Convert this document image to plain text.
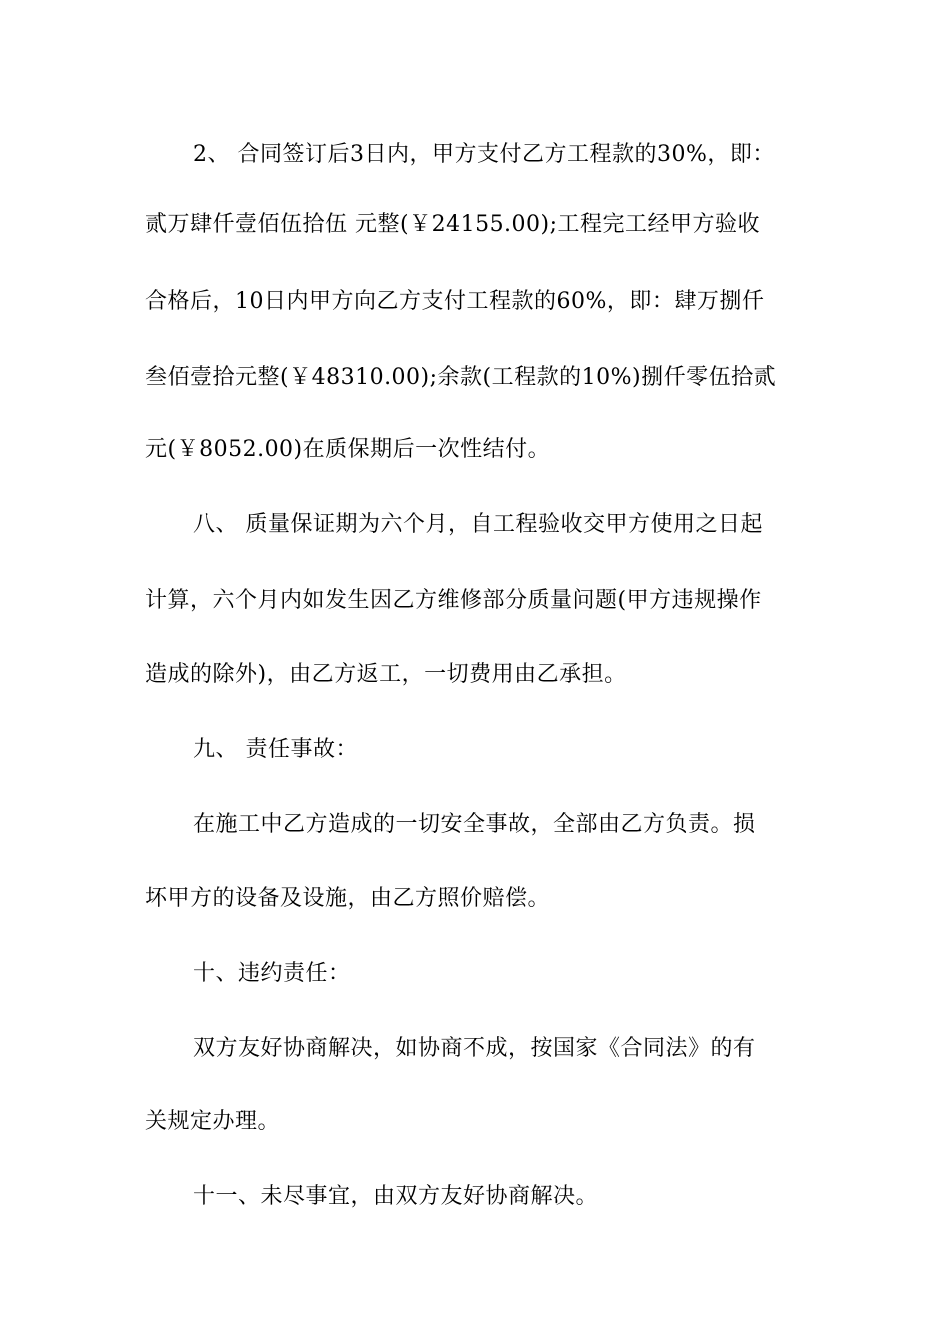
2、 合同签订后3日内，甲方支付乙方工程款的30%，即：
贰万肆仟壹佰伍拾伍 元整(￥24155.00);工程完工经甲方验收
合格后，10日内甲方向乙方支付工程款的60%，即：肆万捌仟
叁佰壹拾元整(￥48310.00);余款(工程款的10%)捌仟零伍拾贰
元(￥8052.00)在质保期后一次性结付。
八、 质量保证期为六个月，自工程验收交甲方使用之日起
计算，六个月内如发生因乙方维修部分质量问题(甲方违规操作
造成的除外)，由乙方返工，一切费用由乙承担。
九、 责任事故：
在施工中乙方造成的一切安全事故，全部由乙方负责。损
坏甲方的设备及设施，由乙方照价赔偿。
十、违约责任：
双方友好协商解决，如协商不成，按国家《合同法》的有
关规定办理。
十一、未尽事宜，由双方友好协商解决。
